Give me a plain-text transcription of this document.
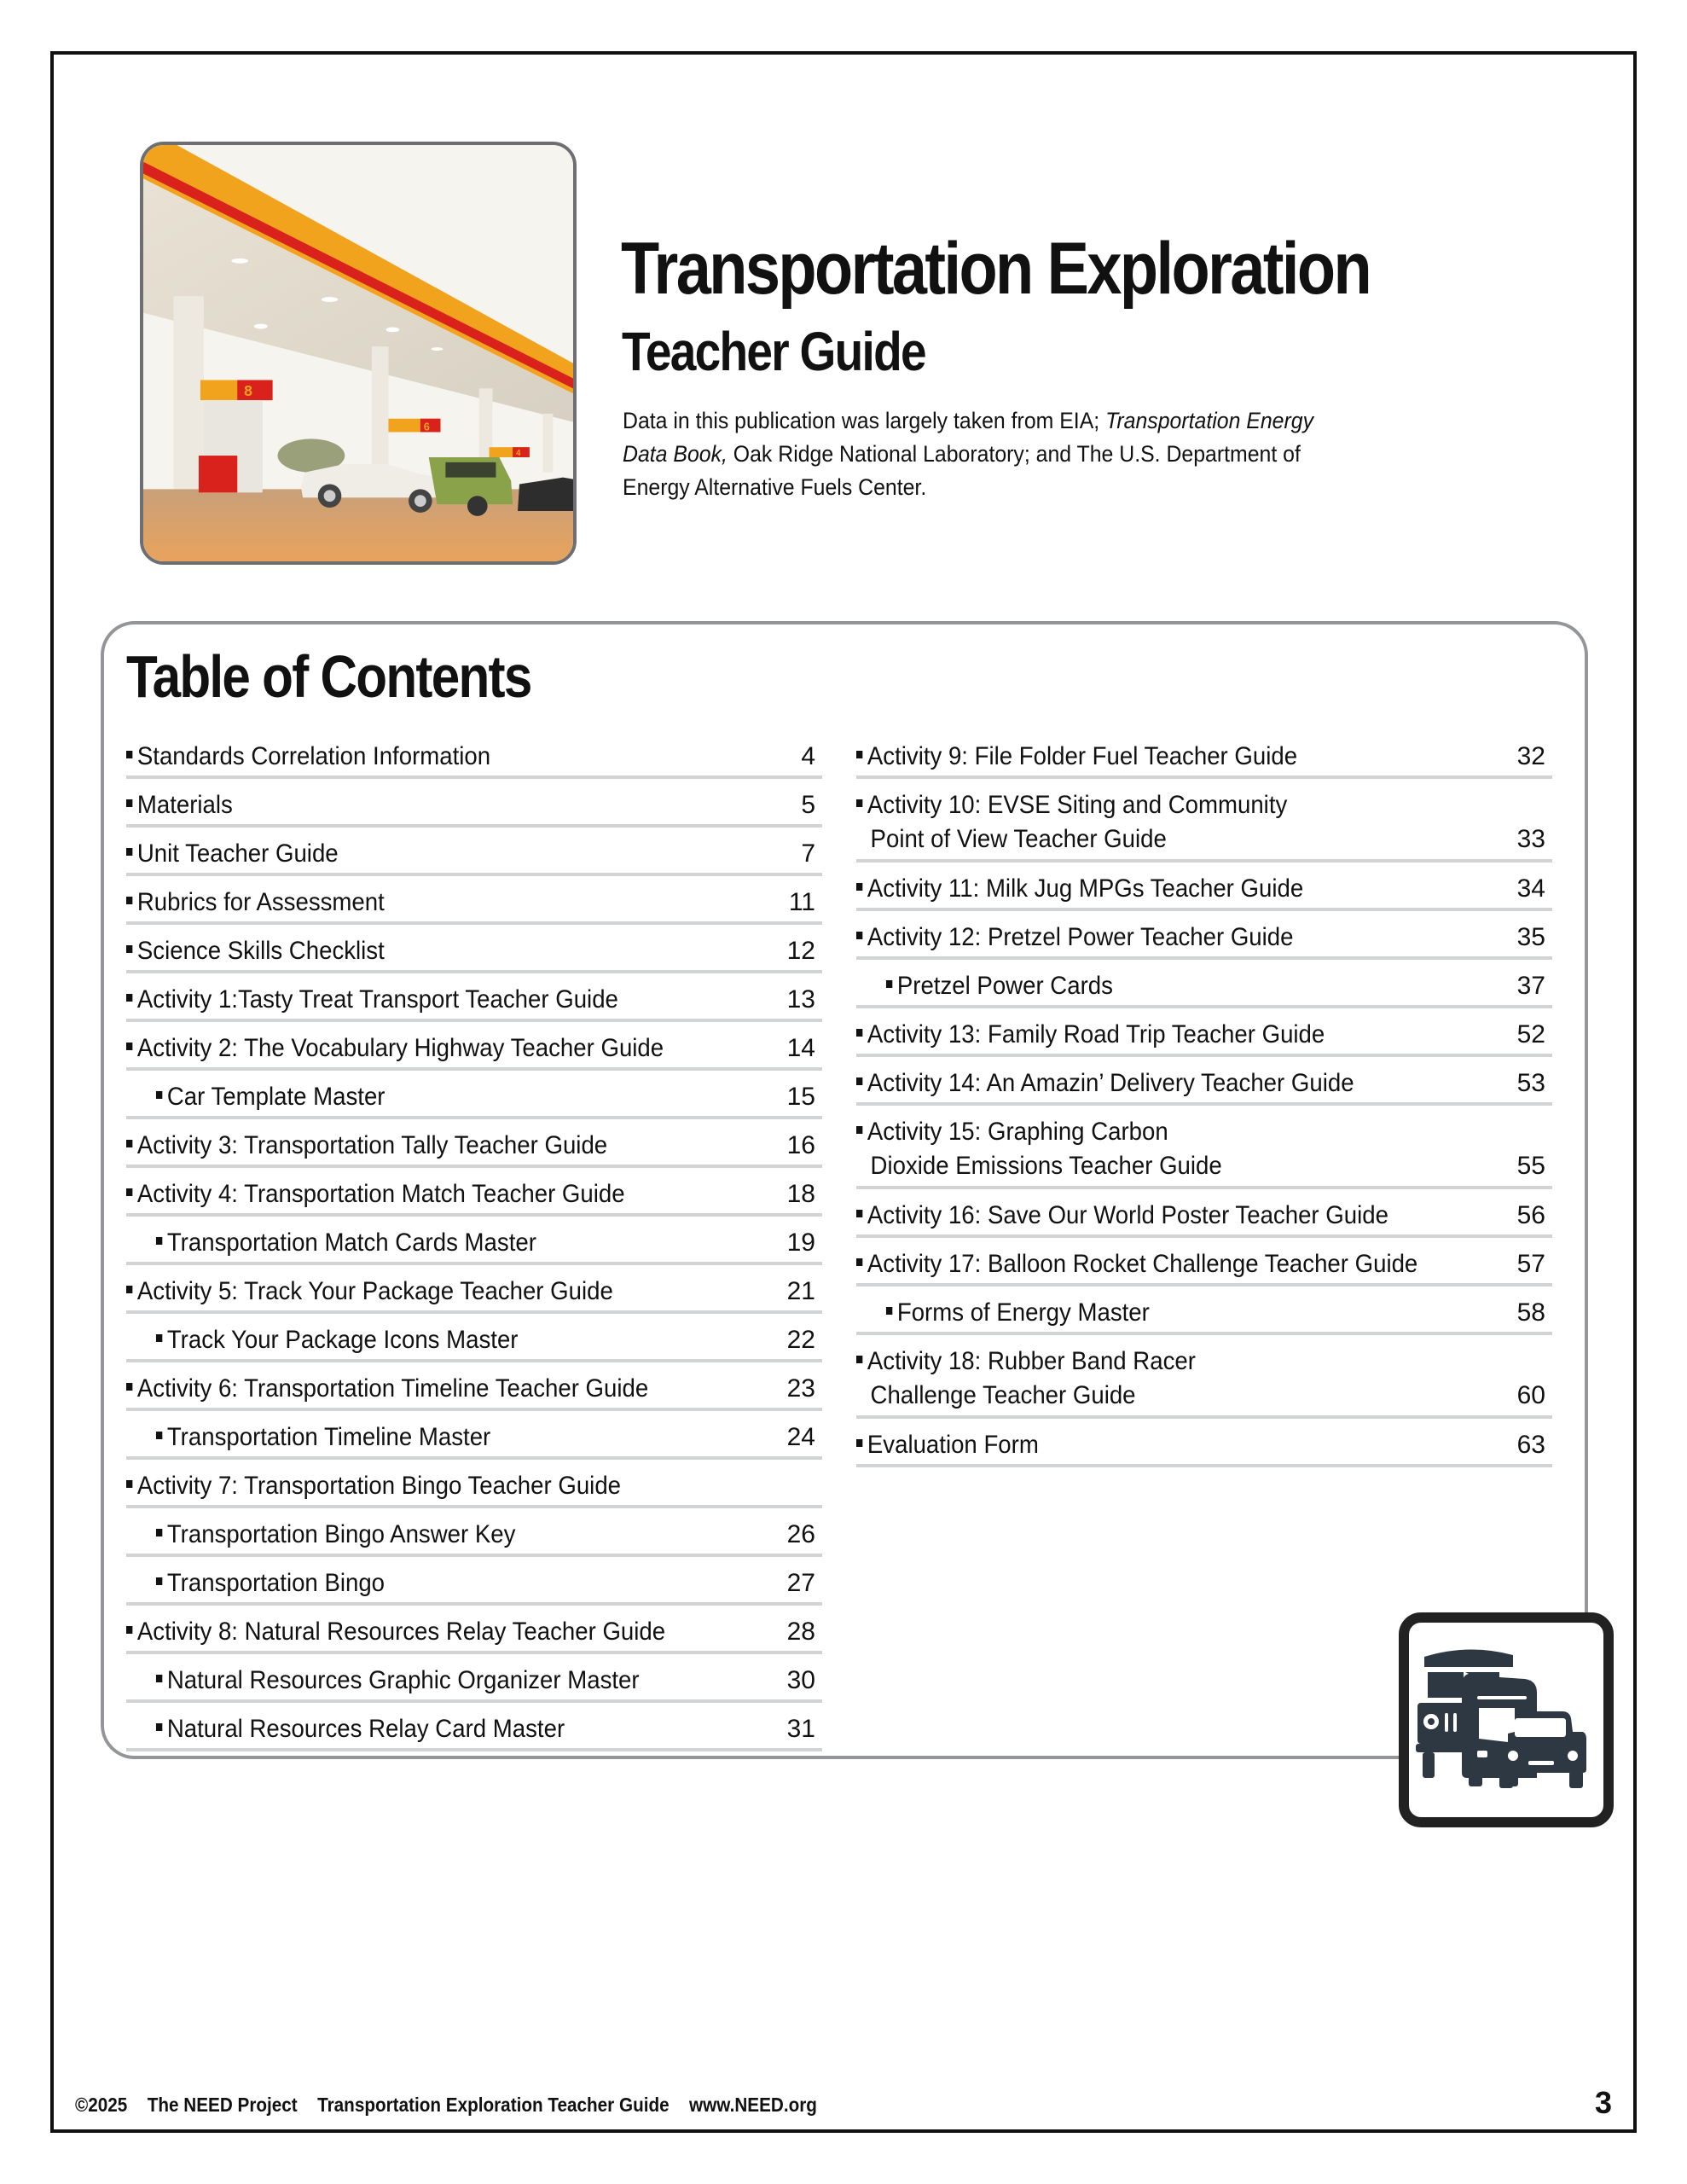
8
6
4
Transportation Exploration
Teacher Guide
Data in this publication was largely taken from EIA; Transportation Energy Data Book, Oak Ridge National Laboratory; and The U.S. Department of Energy Alternative Fuels Center.
Table of Contents
Standards Correlation Information	4
Materials	5
Unit Teacher Guide	7
Rubrics for Assessment	11
Science Skills Checklist	12
Activity 1:Tasty Treat Transport Teacher Guide	13
Activity 2: The Vocabulary Highway Teacher Guide	14
Car Template Master	15
Activity 3: Transportation Tally Teacher Guide	16
Activity 4: Transportation Match Teacher Guide	18
Transportation Match Cards Master	19
Activity 5: Track Your Package Teacher Guide	21
Track Your Package Icons Master	22
Activity 6: Transportation Timeline Teacher Guide	23
Transportation Timeline Master	24
Activity 7: Transportation Bingo Teacher Guide
Transportation Bingo Answer Key	26
Transportation Bingo	27
Activity 8: Natural Resources Relay Teacher Guide	28
Natural Resources Graphic Organizer Master	30
Natural Resources Relay Card Master	31
Activity 9: File Folder Fuel Teacher Guide	32
Activity 10: EVSE Siting and Community
Point of View Teacher Guide	33
Activity 11: Milk Jug MPGs Teacher Guide	34
Activity 12: Pretzel Power Teacher Guide	35
Pretzel Power Cards	37
Activity 13: Family Road Trip Teacher Guide	52
Activity 14: An Amazin’ Delivery Teacher Guide	53
Activity 15: Graphing Carbon
Dioxide Emissions Teacher Guide	55
Activity 16: Save Our World Poster Teacher Guide	56
Activity 17: Balloon Rocket Challenge Teacher Guide	57
Forms of Energy Master	58
Activity 18: Rubber Band Racer
Challenge Teacher Guide	60
Evaluation Form	63
©2025 The NEED Project Transportation Exploration Teacher Guide www.NEED.org	3
